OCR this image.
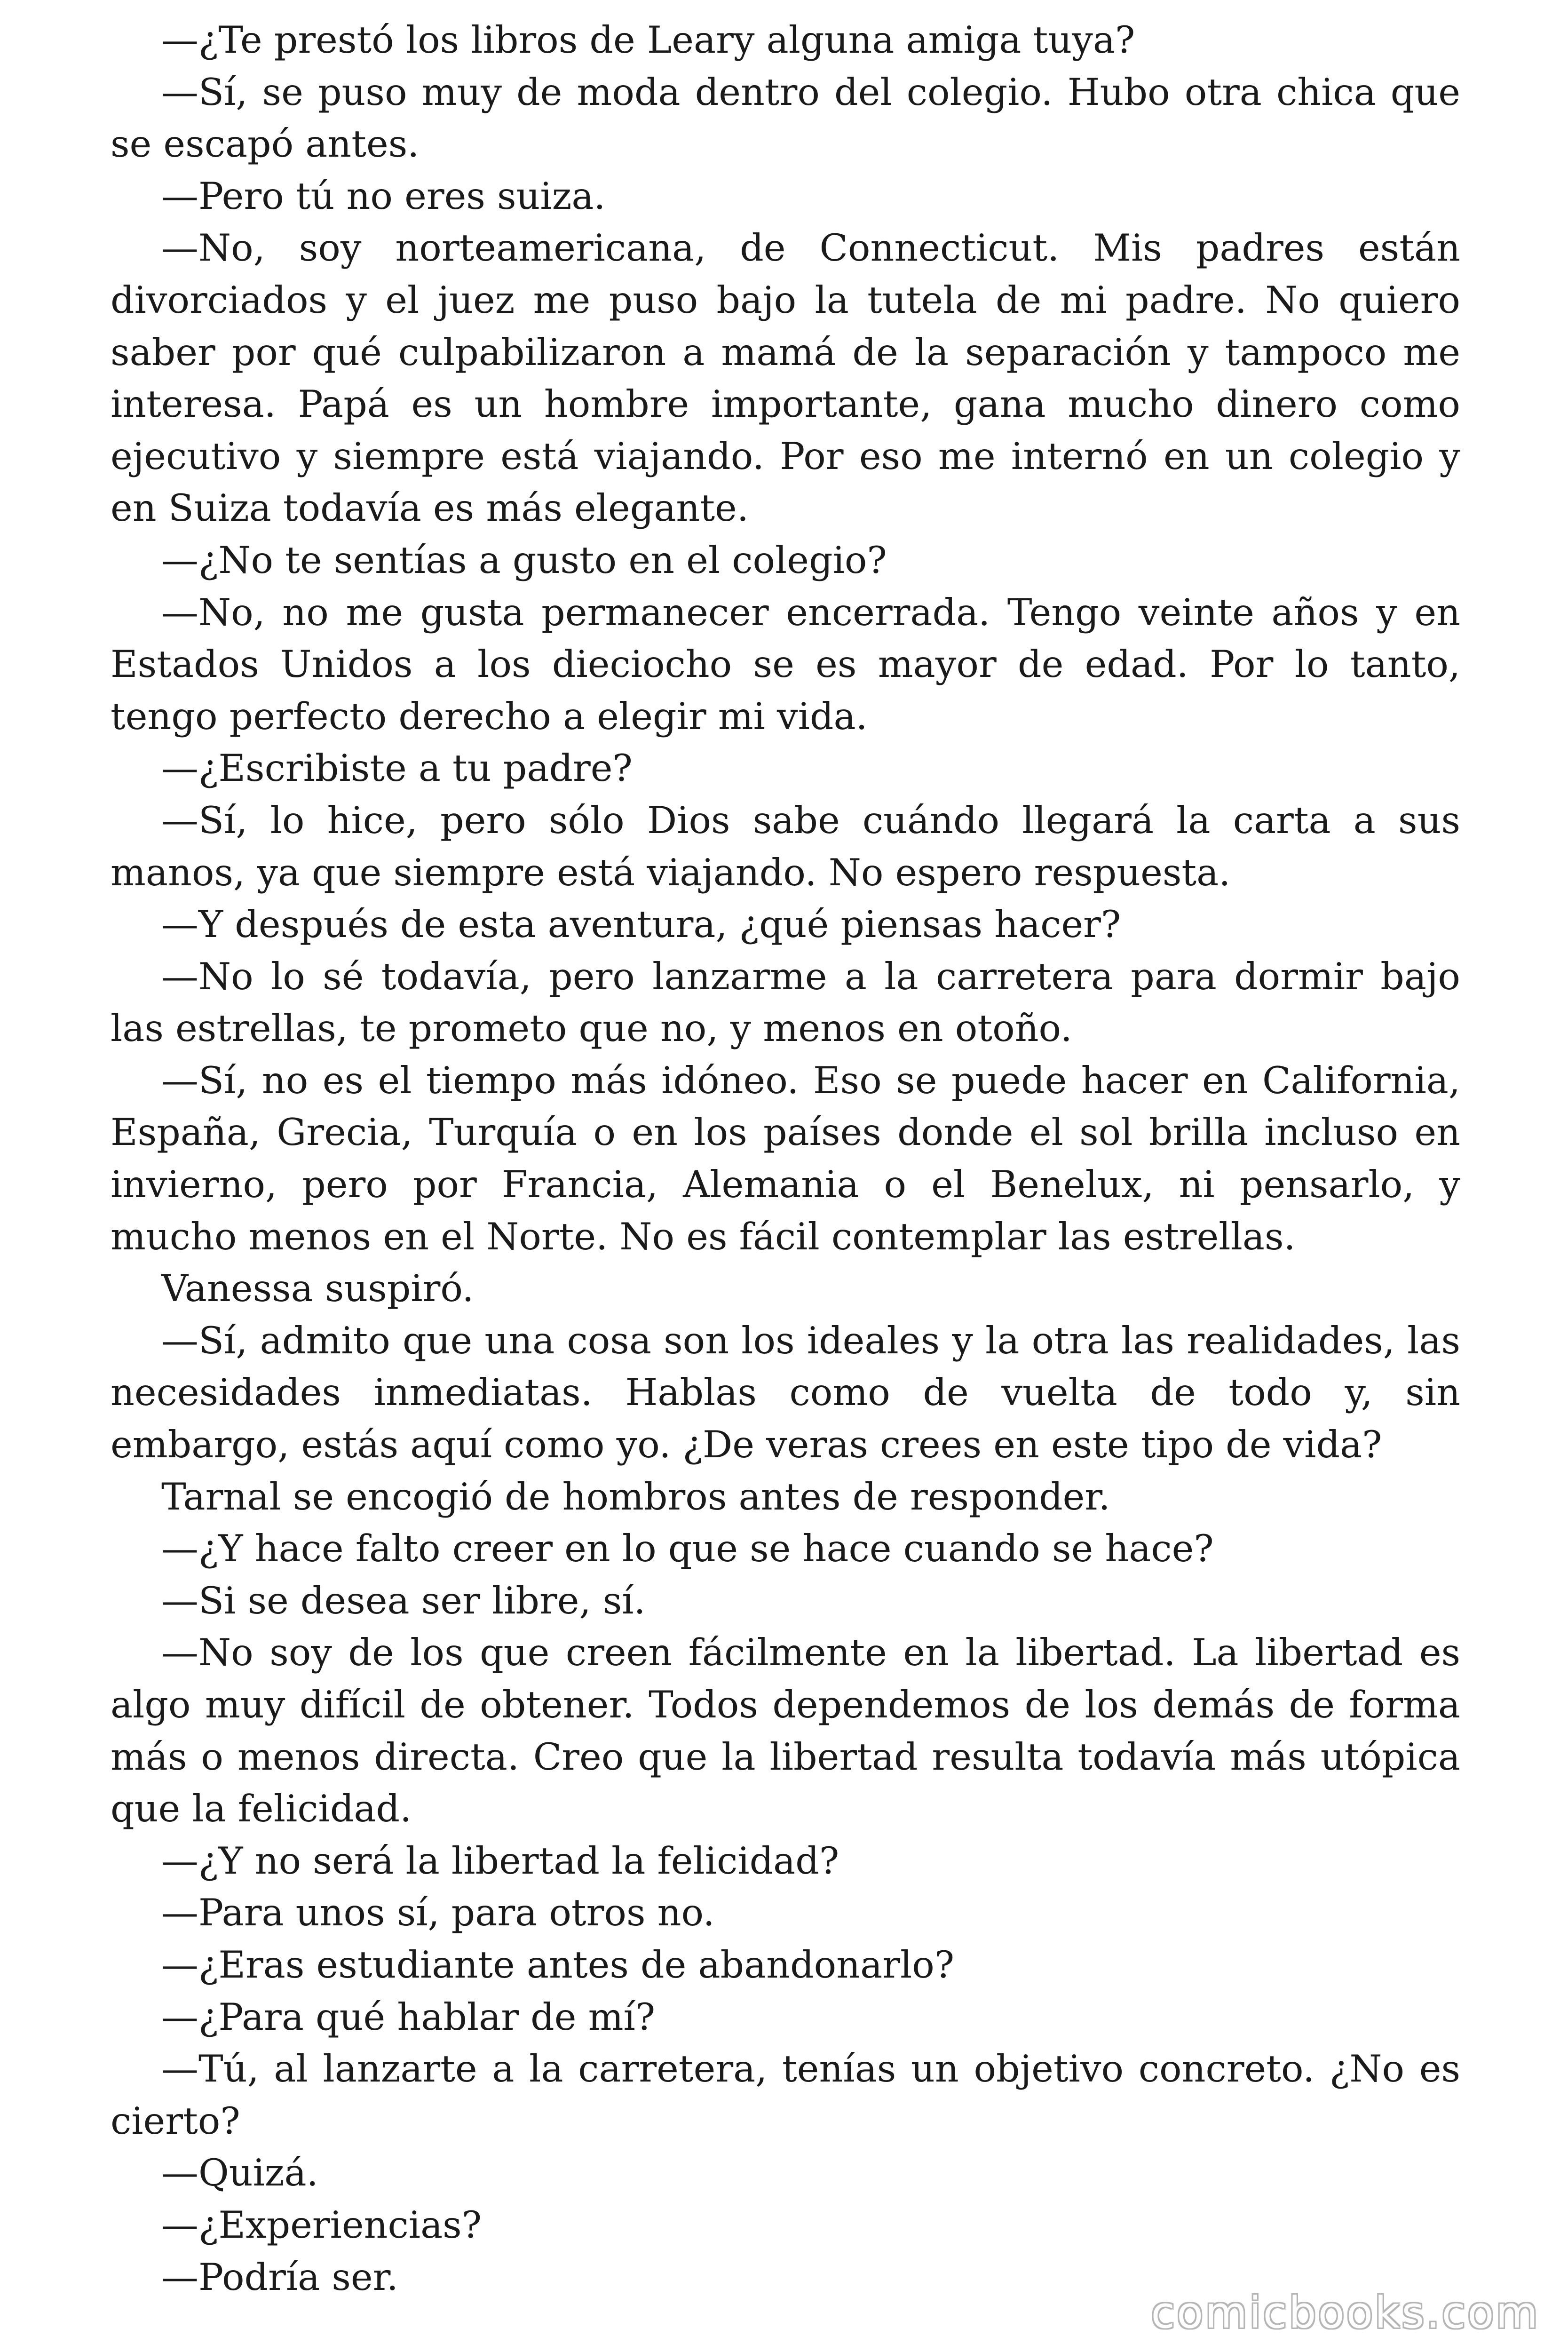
—¿Te prestó los libros de Leary alguna amiga tuya?

—Sí, se puso muy de moda dentro del colegio. Hubo otra chica que se escapó antes.

—Pero tú no eres suiza.

—No, soy norteamericana, de Connecticut. Mis padres están divorciados y el juez me puso bajo la tutela de mi padre. No quiero saber por qué culpabilizaron a mamá de la separación y tampoco me interesa. Papá es un hombre importante, gana mucho dinero como ejecutivo y siempre está viajando. Por eso me internó en un colegio y en Suiza todavía es más elegante.

—¿No te sentías a gusto en el colegio?

—No, no me gusta permanecer encerrada. Tengo veinte años y en Estados Unidos a los dieciocho se es mayor de edad. Por lo tanto, tengo perfecto derecho a elegir mi vida.

—¿Escribiste a tu padre?

—Sí, lo hice, pero sólo Dios sabe cuándo llegará la carta a sus manos, ya que siempre está viajando. No espero respuesta.

—Y después de esta aventura, ¿qué piensas hacer?

—No lo sé todavía, pero lanzarme a la carretera para dormir bajo las estrellas, te prometo que no, y menos en otoño.

—Sí, no es el tiempo más idóneo. Eso se puede hacer en California, España, Grecia, Turquía o en los países donde el sol brilla incluso en invierno, pero por Francia, Alemania o el Benelux, ni pensarlo, y mucho menos en el Norte. No es fácil contemplar las estrellas.

Vanessa suspiró.

—Sí, admito que una cosa son los ideales y la otra las realidades, las necesidades inmediatas. Hablas como de vuelta de todo y, sin embargo, estás aquí como yo. ¿De veras crees en este tipo de vida?

Tarnal se encogió de hombros antes de responder.

—¿Y hace falto creer en lo que se hace cuando se hace?

—Si se desea ser libre, sí.

—No soy de los que creen fácilmente en la libertad. La libertad es algo muy difícil de obtener. Todos dependemos de los demás de forma más o menos directa. Creo que la libertad resulta todavía más utópica que la felicidad.

—¿Y no será la libertad la felicidad?

—Para unos sí, para otros no.

—¿Eras estudiante antes de abandonarlo?

—¿Para qué hablar de mí?

—Tú, al lanzarte a la carretera, tenías un objetivo concreto. ¿No es cierto?

—Quizá.

—¿Experiencias?

—Podría ser.

comicbooks.com
